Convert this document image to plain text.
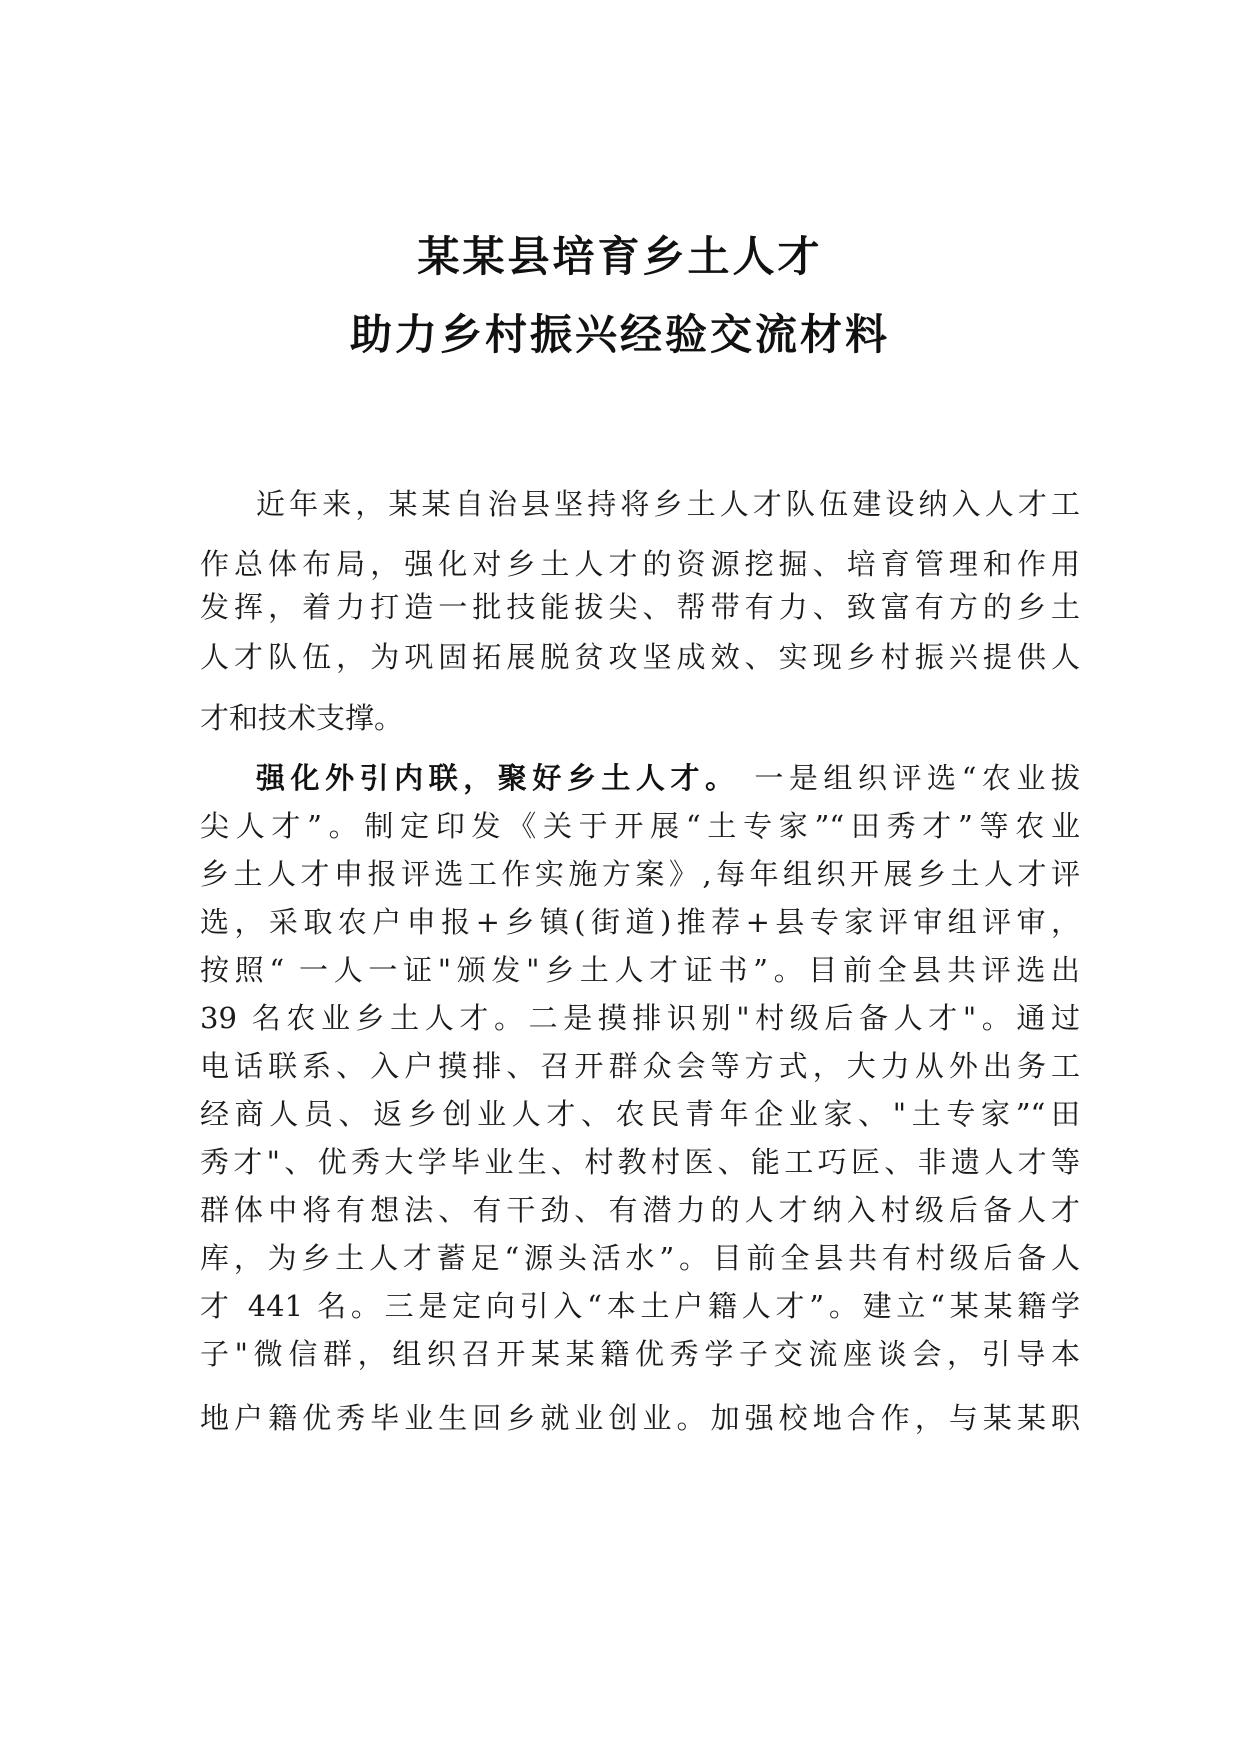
某某县培育乡土人才
助力乡村振兴经验交流材料
近年来，某某自治县坚持将乡土人才队伍建设纳入人才工
作总体布局，强化对乡土人才的资源挖掘、培育管理和作用
发挥，着力打造一批技能拔尖、帮带有力、致富有方的乡土
人才队伍，为巩固拓展脱贫攻坚成效、实现乡村振兴提供人
才和技术支撑。
强化外引内联，聚好乡土人才。 一是组织评选“农业拔
尖人才”。制定印发《关于开展“土专家”“田秀才”等农业
乡土人才申报评选工作实施方案》,每年组织开展乡土人才评
选，采取农户申报+乡镇(街道)推荐+县专家评审组评审，
按照“ 一人一证"颁发"乡土人才证书”。目前全县共评选出
39 名农业乡土人才。二是摸排识别"村级后备人才"。通过
电话联系、入户摸排、召开群众会等方式，大力从外出务工
经商人员、返乡创业人才、农民青年企业家、"土专家”“田
秀才"、优秀大学毕业生、村教村医、能工巧匠、非遗人才等
群体中将有想法、有干劲、有潜力的人才纳入村级后备人才
库，为乡土人才蓄足“源头活水”。目前全县共有村级后备人
才 441 名。三是定向引入“本土户籍人才”。建立“某某籍学
子"微信群，组织召开某某籍优秀学子交流座谈会，引导本
地户籍优秀毕业生回乡就业创业。加强校地合作，与某某职
